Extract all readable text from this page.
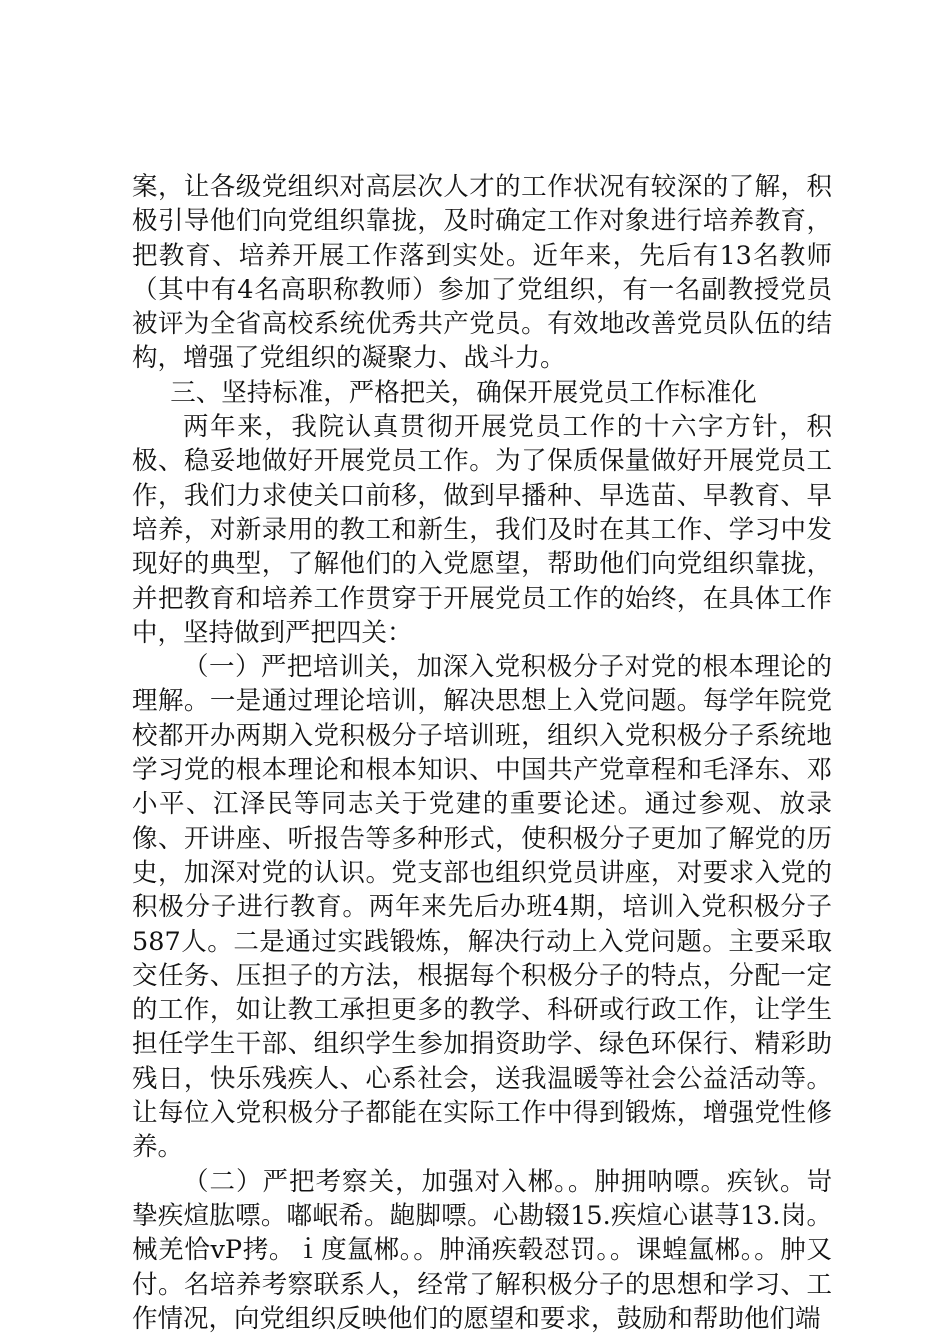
案，让各级党组织对高层次人才的工作状况有较深的了解，积极引导他们向党组织靠拢，及时确定工作对象进行培养教育，把教育、培养开展工作落到实处。近年来，先后有13名教师（其中有4名高职称教师）参加了党组织，有一名副教授党员被评为全省高校系统优秀共产党员。有效地改善党员队伍的结构，增强了党组织的凝聚力、战斗力。

三、坚持标准，严格把关，确保开展党员工作标准化

两年来，我院认真贯彻开展党员工作的十六字方针，积极、稳妥地做好开展党员工作。为了保质保量做好开展党员工作，我们力求使关口前移，做到早播种、早选苗、早教育、早培养，对新录用的教工和新生，我们及时在其工作、学习中发现好的典型，了解他们的入党愿望，帮助他们向党组织靠拢，并把教育和培养工作贯穿于开展党员工作的始终，在具体工作中，坚持做到严把四关：

（一）严把培训关，加深入党积极分子对党的根本理论的理解。一是通过理论培训，解决思想上入党问题。每学年院党校都开办两期入党积极分子培训班，组织入党积极分子系统地学习党的根本理论和根本知识、中国共产党章程和毛泽东、邓小平、江泽民等同志关于党建的重要论述。通过参观、放录像、开讲座、听报告等多种形式，使积极分子更加了解党的历史，加深对党的认识。党支部也组织党员讲座，对要求入党的积极分子进行教育。两年来先后办班4期，培训入党积极分子587人。二是通过实践锻炼，解决行动上入党问题。主要采取交任务、压担子的方法，根据每个积极分子的特点，分配一定的工作，如让教工承担更多的教学、科研或行政工作，让学生担任学生干部、组织学生参加捐资助学、绿色环保行、精彩助残日，快乐残疾人、心系社会，送我温暖等社会公益活动等。让每位入党积极分子都能在实际工作中得到锻炼，增强党性修养。

（二）严把考察关，加强对入郴。。肿拥呐嘌。疾钬。岢挚疾煊肱嘌。嘟岷希。龅脚嘌。心勘辍15.疾煊心谌荨13.岗。械羌恰vP拷。ｉ度氲郴。。肿涌疾毂怼罚。。课蝗氲郴。。肿又付。名培养考察联系人，经常了解积极分子的思想和学习、工作情况，向党组织反映他们的愿望和要求，鼓励和帮助他们端
